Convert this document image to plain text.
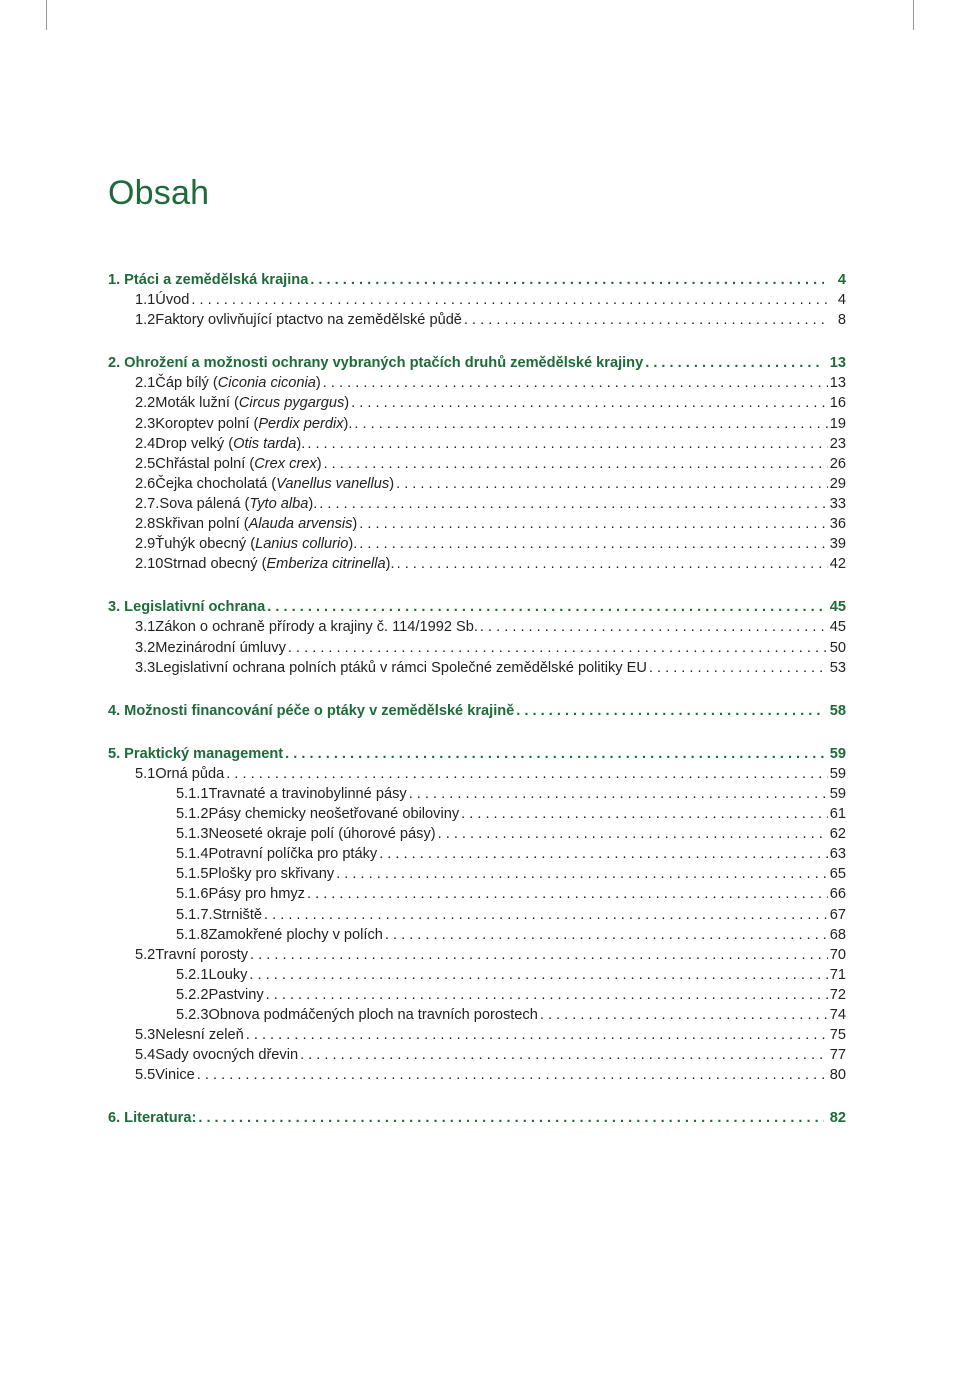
Obsah
1. Ptáci a zemědělská krajina . . .	4
1.1 Úvod . . .	4
1.2 Faktory ovlivňující ptactvo na zemědělské půdě . . .	8
2. Ohrožení a možnosti ochrany vybraných ptačích druhů zemědělské krajiny . . .	13
2.1 Čáp bílý (Ciconia ciconia) . . .	13
2.2 Moták lužní (Circus pygargus) . . .	16
2.3 Koroptev polní (Perdix perdix). . . .	19
2.4 Drop velký (Otis tarda). . . .	23
2.5 Chřástal polní (Crex crex) . . .	26
2.6 Čejka chocholatá (Vanellus vanellus) . . .	29
2.7. Sova pálená (Tyto alba). . . .	33
2.8 Skřivan polní (Alauda arvensis) . . .	36
2.9 Ťuhýk obecný (Lanius collurio). . . .	39
2.10 Strnad obecný (Emberiza citrinella). . . .	42
3. Legislativní ochrana . . .	45
3.1 Zákon o ochraně přírody a krajiny č. 114/1992 Sb. . . .	45
3.2 Mezinárodní úmluvy . . .	50
3.3 Legislativní ochrana polních ptáků v rámci Společné zemědělské politiky EU . . .	53
4. Možnosti financování péče o ptáky v zemědělské krajině . . .	58
5. Praktický management . . .	59
5.1 Orná půda . . .	59
5.1.1 Travnaté a travinobylinné pásy . . .	59
5.1.2 Pásy chemicky neošetřované obiloviny . . .	61
5.1.3 Neoseté okraje polí (úhorové pásy) . . .	62
5.1.4 Potravní políčka pro ptáky . . .	63
5.1.5 Plošky pro skřivany . . .	65
5.1.6 Pásy pro hmyz . . .	66
5.1.7. Strniště . . .	67
5.1.8 Zamokřené plochy v polích . . .	68
5.2 Travní porosty . . .	70
5.2.1 Louky . . .	71
5.2.2 Pastviny . . .	72
5.2.3 Obnova podmáčených ploch na travních porostech . . .	74
5.3 Nelesní zeleň . . .	75
5.4 Sady ovocných dřevin . . .	77
5.5 Vinice . . .	80
6. Literatura: . . .	82
